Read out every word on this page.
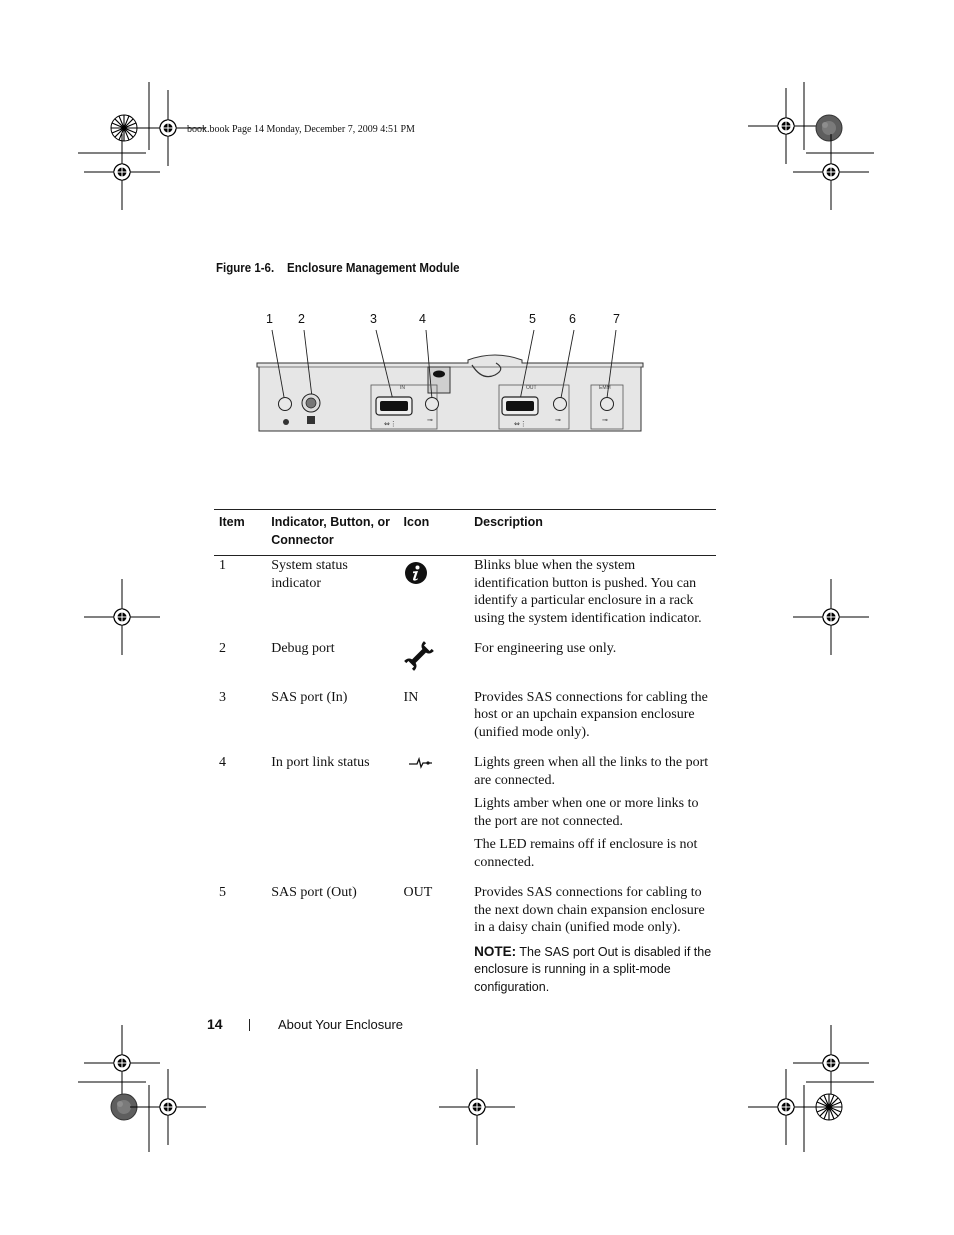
book.book Page 14 Monday, December 7, 2009 4:51 PM
Figure 1-6. Enclosure Management Module
1 2	3	4	5	6	7
⇔⋮	⊸	⇔⋮	⊸	⊸
IN	OUT	EMM
Item	Indicator, Button, or Connector	Icon	Description
1	System status indicator		Blinks blue when the system identification button is pushed. You can identify a particular enclosure in a rack using the system identification indicator.

2	Debug port		For engineering use only.

3	SAS port (In)	IN	Provides SAS connections for cabling the host or an upchain expansion enclosure (unified mode only).

4	In port link status		Lights green when all the links to the port are connected.

Lights amber when one or more links to the port are not connected.

The LED remains off if enclosure is not connected.

5	SAS port (Out)	OUT	Provides SAS connections for cabling to the next down chain expansion enclosure in a daisy chain (unified mode only).

NOTE: The SAS port Out is disabled if the enclosure is running in a split-mode configuration.

14	About Your Enclosure
